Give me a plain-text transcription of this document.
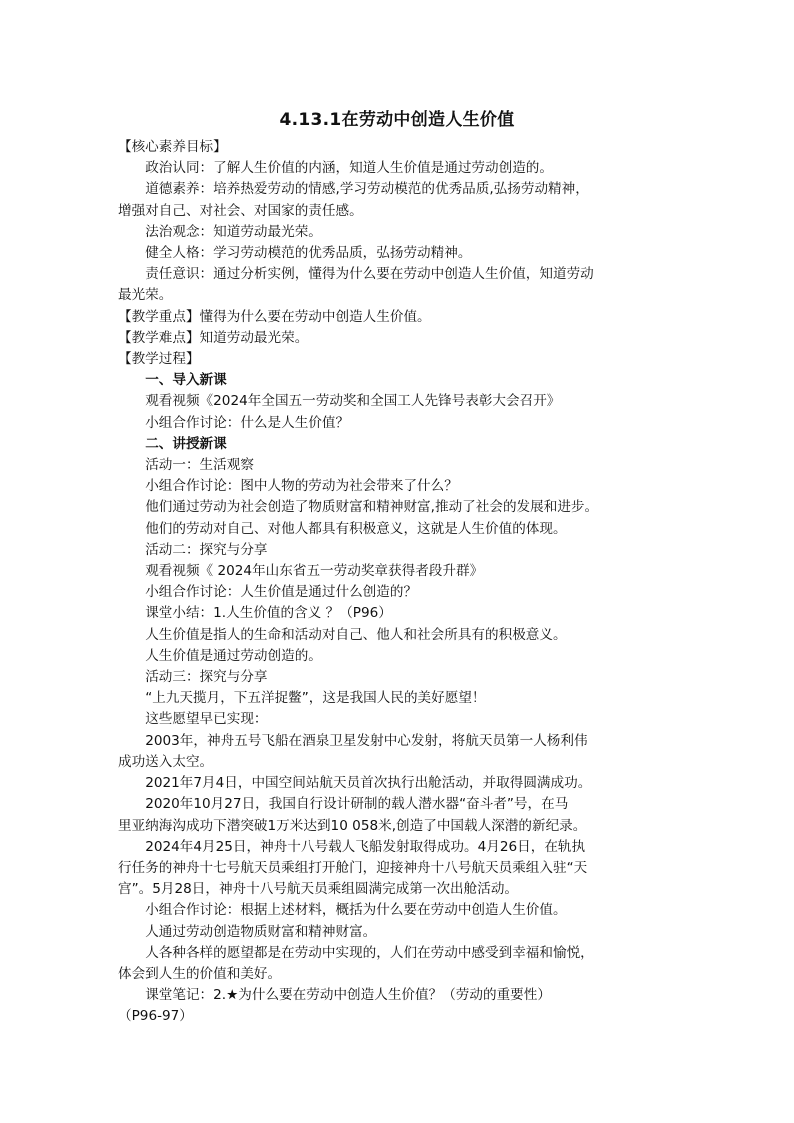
4.13.1在劳动中创造人生价值

【核心素养目标】

政治认同：了解人生价值的内涵，知道人生价值是通过劳动创造的。

道德素养：培养热爱劳动的情感,学习劳动模范的优秀品质,弘扬劳动精神，

增强对自己、对社会、对国家的责任感。

法治观念：知道劳动最光荣。

健全人格：学习劳动模范的优秀品质，弘扬劳动精神。

责任意识：通过分析实例，懂得为什么要在劳动中创造人生价值，知道劳动

最光荣。

【教学重点】懂得为什么要在劳动中创造人生价值。

【教学难点】知道劳动最光荣。

【教学过程】

一、导入新课

观看视频《2024年全国五一劳动奖和全国工人先锋号表彰大会召开》

小组合作讨论：什么是人生价值？

二、讲授新课

活动一：生活观察

小组合作讨论：图中人物的劳动为社会带来了什么？

他们通过劳动为社会创造了物质财富和精神财富,推动了社会的发展和进步。

他们的劳动对自己、对他人都具有积极意义，这就是人生价值的体现。

活动二：探究与分享

观看视频《 2024年山东省五一劳动奖章获得者段升群》

小组合作讨论：人生价值是通过什么创造的？

课堂小结：1.人生价值的含义 ？（P96）

人生价值是指人的生命和活动对自己、他人和社会所具有的积极意义。

人生价值是通过劳动创造的。

活动三：探究与分享

“上九天揽月，下五洋捉鳖”，这是我国人民的美好愿望！

这些愿望早已实现：

2003年，神舟五号飞船在酒泉卫星发射中心发射，将航天员第一人杨利伟

成功送入太空。

2021年7月4日，中国空间站航天员首次执行出舱活动，并取得圆满成功。

2020年10月27日，我国自行设计研制的载人潜水器“奋斗者”号，在马

里亚纳海沟成功下潜突破1万米达到10 058米,创造了中国载人深潜的新纪录。

2024年4月25日，神舟十八号载人飞船发射取得成功。4月26日，在轨执

行任务的神舟十七号航天员乘组打开舱门，迎接神舟十八号航天员乘组入驻“天

宫”。5月28日，神舟十八号航天员乘组圆满完成第一次出舱活动。

小组合作讨论：根据上述材料，概括为什么要在劳动中创造人生价值。

人通过劳动创造物质财富和精神财富。

人各种各样的愿望都是在劳动中实现的，人们在劳动中感受到幸福和愉悦，

体会到人生的价值和美好。

课堂笔记：2.★为什么要在劳动中创造人生价值？（劳动的重要性）

（P96-97）
